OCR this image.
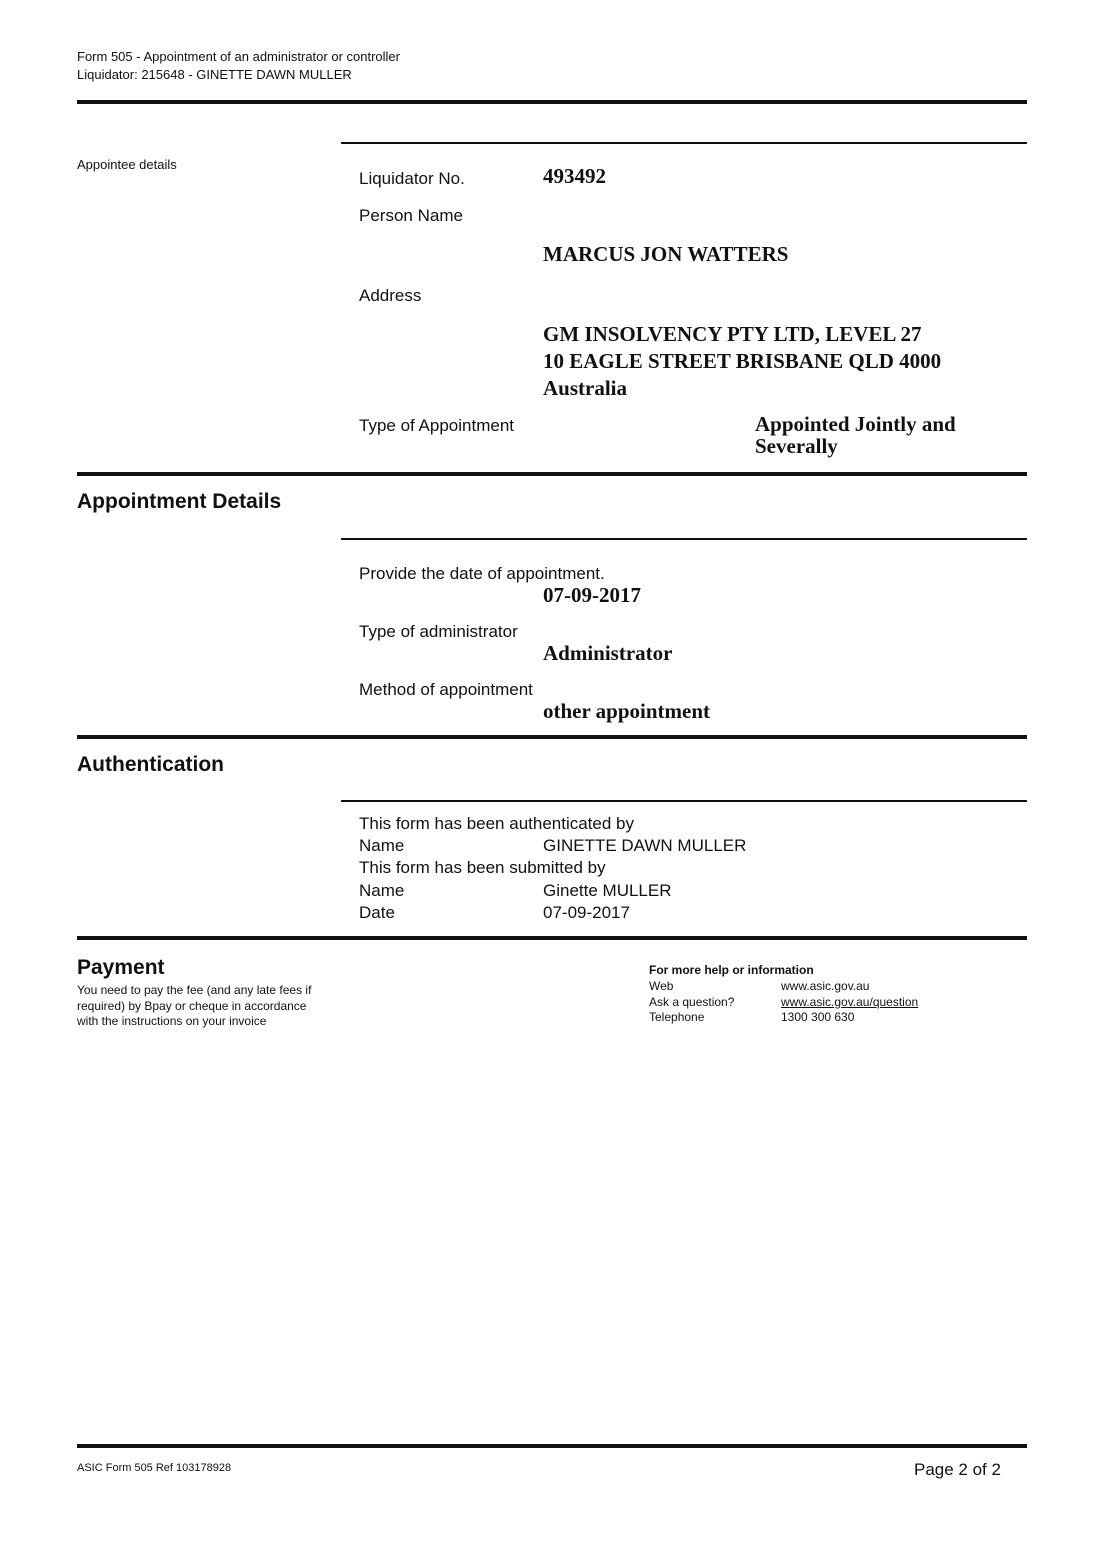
Form 505 - Appointment of an administrator or controller
Liquidator: 215648 - GINETTE DAWN MULLER
Appointee details
Liquidator No.	493492
Person Name
MARCUS JON WATTERS
Address
GM INSOLVENCY PTY LTD, LEVEL 27
10 EAGLE STREET BRISBANE QLD 4000
Australia
Type of Appointment	Appointed Jointly and
Severally
Appointment Details
Provide the date of appointment.
07-09-2017
Type of administrator
Administrator
Method of appointment
other appointment
Authentication
This form has been authenticated by
Name	GINETTE DAWN MULLER
This form has been submitted by
Name	Ginette MULLER
Date	07-09-2017
Payment
You need to pay the fee (and any late fees if
required) by Bpay or cheque in accordance
with the instructions on your invoice
For more help or information
Web	www.asic.gov.au
Ask a question?	www.asic.gov.au/question
Telephone	1300 300 630
ASIC Form 505 Ref 103178928	Page 2 of 2
